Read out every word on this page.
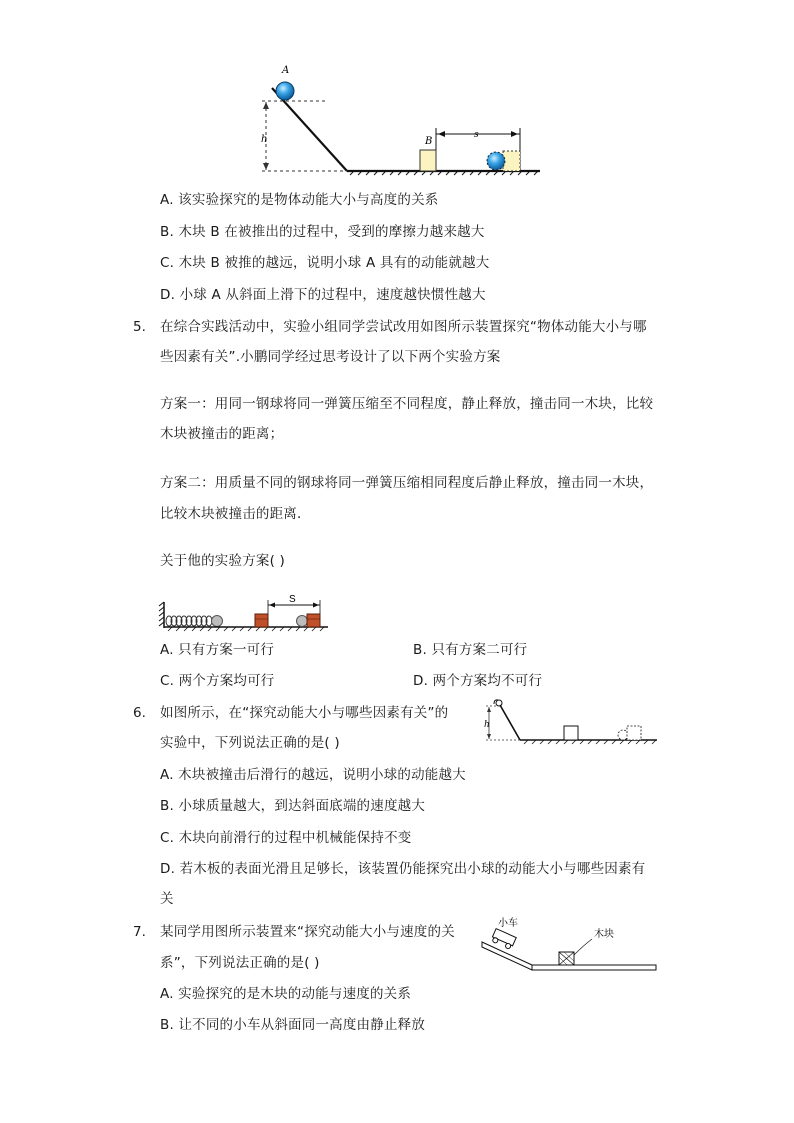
h
A
B
s
A. 该实验探究的是物体动能大小与高度的关系
B. 木块 B 在被推出的过程中，受到的摩擦力越来越大
C. 木块 B 被推的越远，说明小球 A 具有的动能就越大
D. 小球 A 从斜面上滑下的过程中，速度越快惯性越大
5. 在综合实践活动中，实验小组同学尝试改用如图所示装置探究“物体动能大小与哪
些因素有关”.小鹏同学经过思考设计了以下两个实验方案
方案一：用同一钢球将同一弹簧压缩至不同程度，静止释放，撞击同一木块，比较
木块被撞击的距离；
方案二：用质量不同的钢球将同一弹簧压缩相同程度后静止释放，撞击同一木块，
比较木块被撞击的距离．
关于他的实验方案( )
S
A. 只有方案一可行	B. 只有方案二可行
C. 两个方案均可行	D. 两个方案均不可行
6. 如图所示，在“探究动能大小与哪些因素有关”的
实验中，下列说法正确的是( )
h
A. 木块被撞击后滑行的越远，说明小球的动能越大
B. 小球质量越大，到达斜面底端的速度越大
C. 木块向前滑行的过程中机械能保持不变
D. 若木板的表面光滑且足够长，该装置仍能探究出小球的动能大小与哪些因素有
关
7. 某同学用图所示装置来“探究动能大小与速度的关
系”，下列说法正确的是( )
小车
木块
A. 实验探究的是木块的动能与速度的关系
B. 让不同的小车从斜面同一高度由静止释放
